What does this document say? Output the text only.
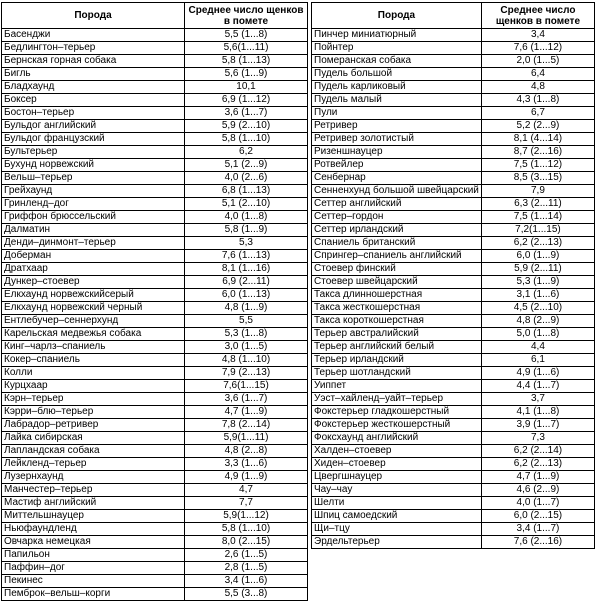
Порода	Среднее число щенков в помете
Басенджи	5,5 (1...8)
Бедлингтон–терьер	5,6(1...11)
Бернская горная собака	5,8 (1...13)
Бигль	5,6 (1...9)
Бладхаунд	10,1
Боксер	6,9 (1...12)
Бостон–терьер	3,6 (1...7)
Бульдог английский	5,9 (2...10)
Бульдог французский	5,8 (1...10)
Бультерьер	6,2
Бухунд норвежский	5,1 (2...9)
Вельш–терьер	4,0 (2...6)
Грейхаунд	6,8 (1...13)
Гринленд–дог	5,1 (2...10)
Гриффон брюссельский	4,0 (1...8)
Далматин	5,8 (1...9)
Денди–динмонт–терьер	5,3
Доберман	7,6 (1...13)
Дратхаар	8,1 (1...16)
Дункер–стоевер	6,9 (2...11)
Елкхаунд норвежскийсерый	6,0 (1...13)
Елкхаунд норвежский черный	4,8 (1...9)
Ентлебучер–сеннерхунд	5,5
Карельская медвежья собака	5,3 (1...8)
Кинг–чарлз–спаниель	3,0 (1...5)
Кокер–спаниель	4,8 (1...10)
Колли	7,9 (2...13)
Курцхаар	7,6(1...15)
Кэрн–терьер	3,6 (1...7)
Кэрри–блю–терьер	4,7 (1...9)
Лабрадор–ретривер	7,8 (2...14)
Лайка сибирская	5,9(1...11)
Лапландская собака	4,8 (2...8)
Лейкленд–терьер	3,3 (1...6)
Лузернхаунд	4,9 (1...9)
Манчестер–терьер	4,7
Мастиф английский	7,7
Миттельшнауцер	5,9(1...12)
Ньюфаундленд	5,8 (1...10)
Овчарка немецкая	8,0 (2...15)
Папильон	2,6 (1...5)
Паффин–дог	2,8 (1...5)
Пекинес	3,4 (1...6)
Пемброк–вельш–корги	5,5 (3...8)
Порода	Среднее число щенков в помете
Пинчер миниатюрный	3,4
Пойнтер	7,6 (1...12)
Померанская собака	2,0 (1...5)
Пудель большой	6,4
Пудель карликовый	4,8
Пудель малый	4,3 (1...8)
Пули	6,7
Ретривер	5,2 (2...9)
Ретривер золотистый	8,1 (4...14)
Ризеншнауцер	8,7 (2...16)
Ротвейлер	7,5 (1...12)
Сенбернар	8,5 (3...15)
Сенненхунд большой швейцарский	7,9
Сеттер английский	6,3 (2...11)
Сеттер–гордон	7,5 (1...14)
Сеттер ирландский	7,2(1...15)
Спаниель британский	6,2 (2...13)
Спрингер–спаниель английский	6,0 (1...9)
Стоевер финский	5,9 (2...11)
Стоевер швейцарский	5,3 (1...9)
Такса длинношерстная	3,1 (1...6)
Такса жесткошерстная	4,5 (2...10)
Такса короткошерстная	4,8 (2...9)
Терьер австралийский	5,0 (1...8)
Терьер английский белый	4,4
Терьер ирландский	6,1
Терьер шотландский	4,9 (1...6)
Уиппет	4,4 (1...7)
Уэст–хайленд–уайт–терьер	3,7
Фокстерьер гладкошерстный	4,1 (1...8)
Фокстерьер жесткошерстный	3,9 (1...7)
Фоксхаунд английский	7,3
Халден–стоевер	6,2 (2...14)
Хиден–стоевер	6,2 (2...13)
Цвергшнауцер	4,7 (1...9)
Чау–чау	4,6 (2...9)
Шелти	4,0 (1...7)
Шпиц самоедский	6,0 (2...15)
Щи–тцу	3,4 (1...7)
Эрдельтерьер	7,6 (2...16)
